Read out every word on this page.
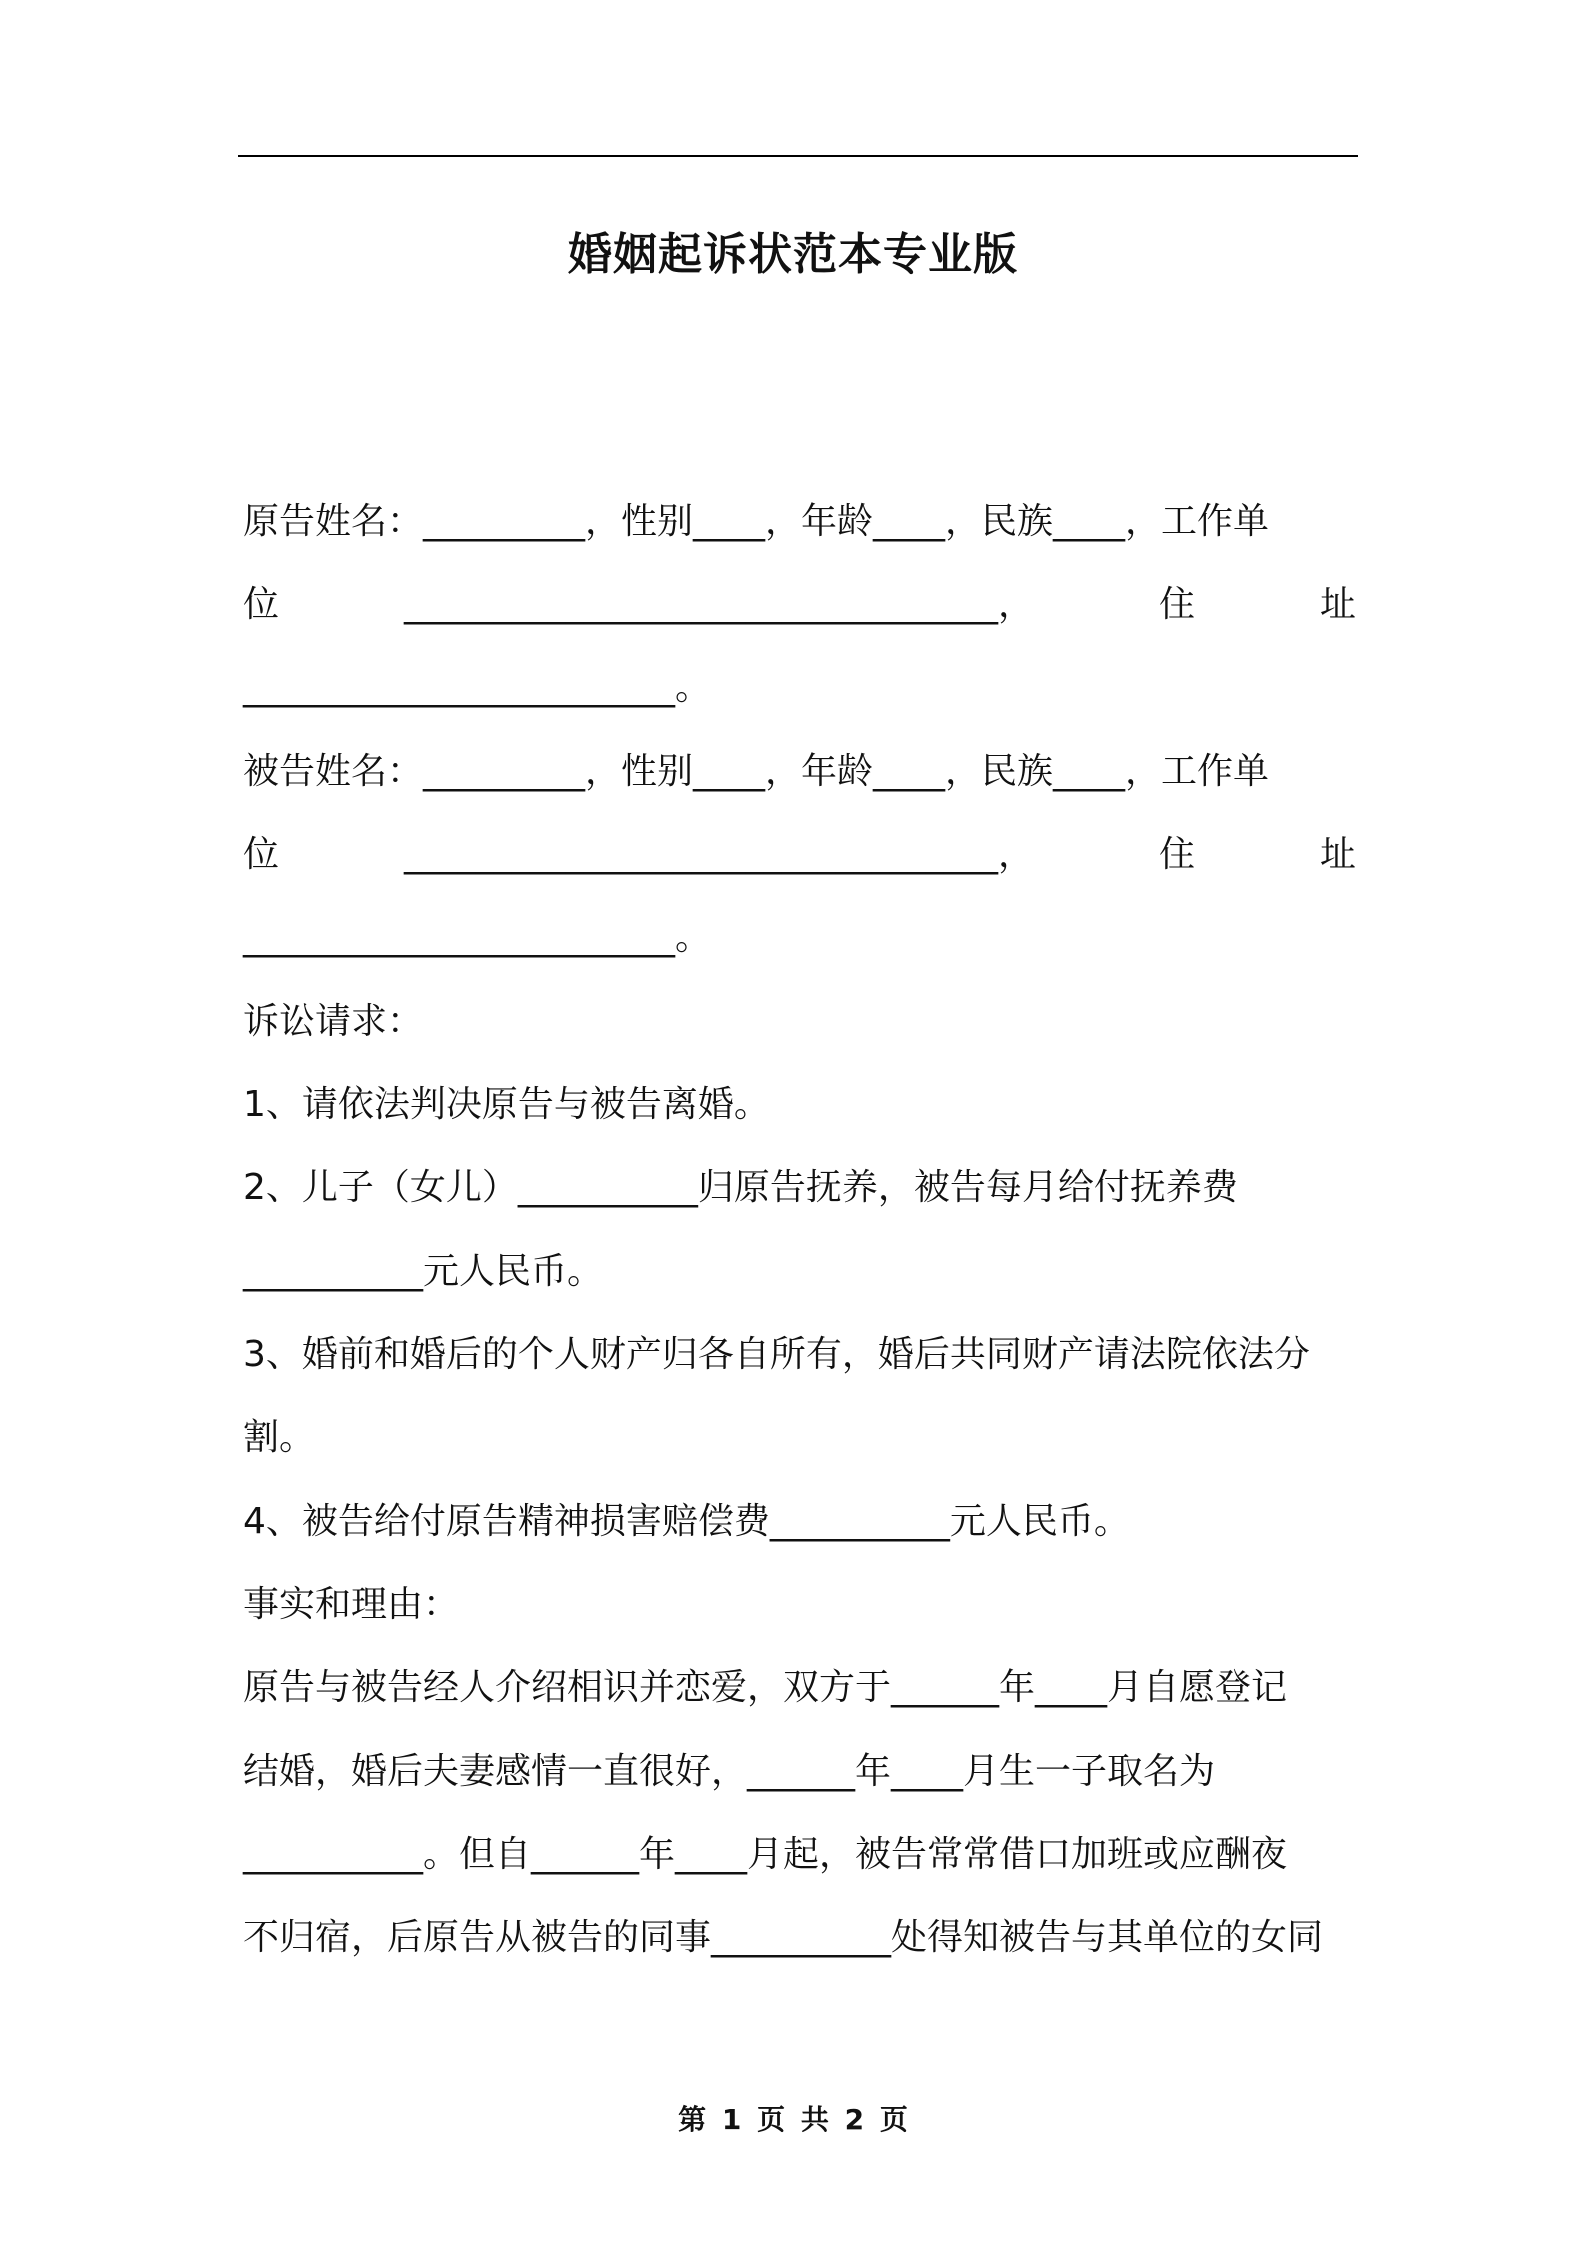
婚姻起诉状范本专业版
原告姓名：_________，性别____，年龄____，民族____，工作单
位	_________________________________，	住	址
________________________。
被告姓名：_________，性别____，年龄____，民族____，工作单
位	_________________________________，	住	址
________________________。
诉讼请求：
1、请依法判决原告与被告离婚。
2、儿子（女儿）__________归原告抚养，被告每月给付抚养费
__________元人民币。
3、婚前和婚后的个人财产归各自所有，婚后共同财产请法院依法分
割。
4、被告给付原告精神损害赔偿费__________元人民币。
事实和理由：
原告与被告经人介绍相识并恋爱，双方于______年____月自愿登记
结婚，婚后夫妻感情一直很好，______年____月生一子取名为
__________。但自______年____月起，被告常常借口加班或应酬夜
不归宿，后原告从被告的同事__________处得知被告与其单位的女同
第 1 页 共 2 页
